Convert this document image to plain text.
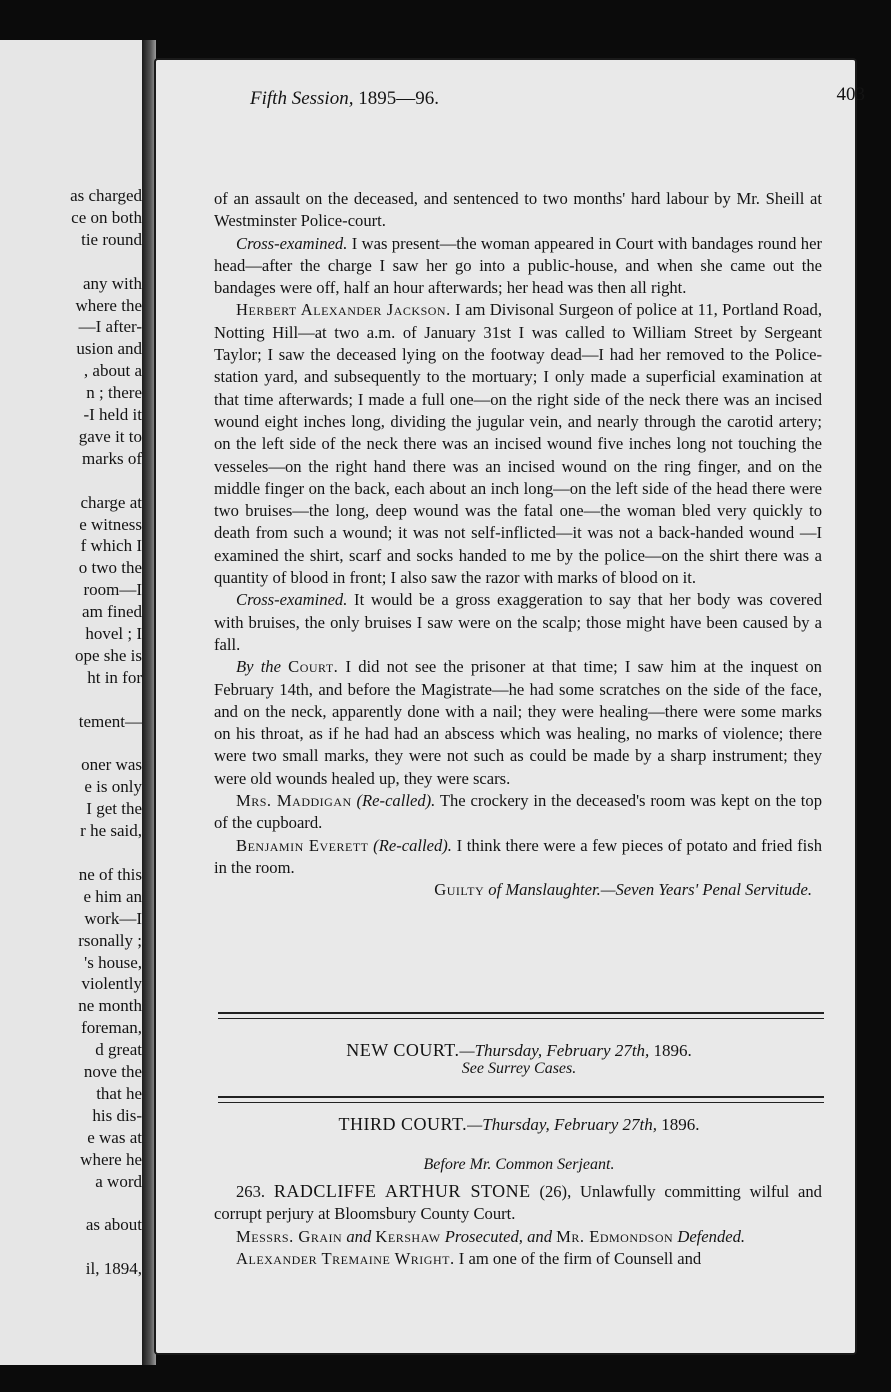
as charged
ce on both
tie round
any with
where the
—I after-
usion and
, about a
n ; there
-I held it
gave it to
marks of
charge at
e witness
f which I
o two the
room—I
am fined
hovel ; I
ope she is
ht in for
tement—
oner was
e is only
I get the
r he said,
ne of this
e him an
work—I
rsonally ;
's house,
violently
ne month
foreman,
d great
nove the
that he
his dis-
e was at
where he
a word
as about
il, 1894,
Fifth Session, 1895—96.	403

of an assault on the deceased, and sentenced to two months' hard labour by Mr. Sheill at Westminster Police-court.

Cross-examined. I was present—the woman appeared in Court with bandages round her head—after the charge I saw her go into a public-house, and when she came out the bandages were off, half an hour afterwards; her head was then all right.

Herbert Alexander Jackson. I am Divisonal Surgeon of police at 11, Portland Road, Notting Hill—at two a.m. of January 31st I was called to William Street by Sergeant Taylor; I saw the deceased lying on the footway dead—I had her removed to the Police-station yard, and subsequently to the mortuary; I only made a superficial examination at that time afterwards; I made a full one—on the right side of the neck there was an incised wound eight inches long, dividing the jugular vein, and nearly through the carotid artery; on the left side of the neck there was an incised wound five inches long not touching the vesseles—on the right hand there was an incised wound on the ring finger, and on the middle finger on the back, each about an inch long—on the left side of the head there were two bruises—the long, deep wound was the fatal one—the woman bled very quickly to death from such a wound; it was not self-inflicted—it was not a back-handed wound —I examined the shirt, scarf and socks handed to me by the police—on the shirt there was a quantity of blood in front; I also saw the razor with marks of blood on it.

Cross-examined. It would be a gross exaggeration to say that her body was covered with bruises, the only bruises I saw were on the scalp; those might have been caused by a fall.

By the Court. I did not see the prisoner at that time; I saw him at the inquest on February 14th, and before the Magistrate—he had some scratches on the side of the face, and on the neck, apparently done with a nail; they were healing—there were some marks on his throat, as if he had had an abscess which was healing, no marks of violence; there were two small marks, they were not such as could be made by a sharp instrument; they were old wounds healed up, they were scars.

Mrs. Maddigan (Re-called). The crockery in the deceased's room was kept on the top of the cupboard.

Benjamin Everett (Re-called). I think there were a few pieces of potato and fried fish in the room.

Guilty of Manslaughter.—Seven Years' Penal Servitude.

NEW COURT.—Thursday, February 27th, 1896.
See Surrey Cases.
THIRD COURT.—Thursday, February 27th, 1896.
Before Mr. Common Serjeant.

263. RADCLIFFE ARTHUR STONE (26), Unlawfully committing wilful and corrupt perjury at Bloomsbury County Court.

Messrs. Grain and Kershaw Prosecuted, and Mr. Edmondson Defended.

Alexander Tremaine Wright. I am one of the firm of Counsell and
